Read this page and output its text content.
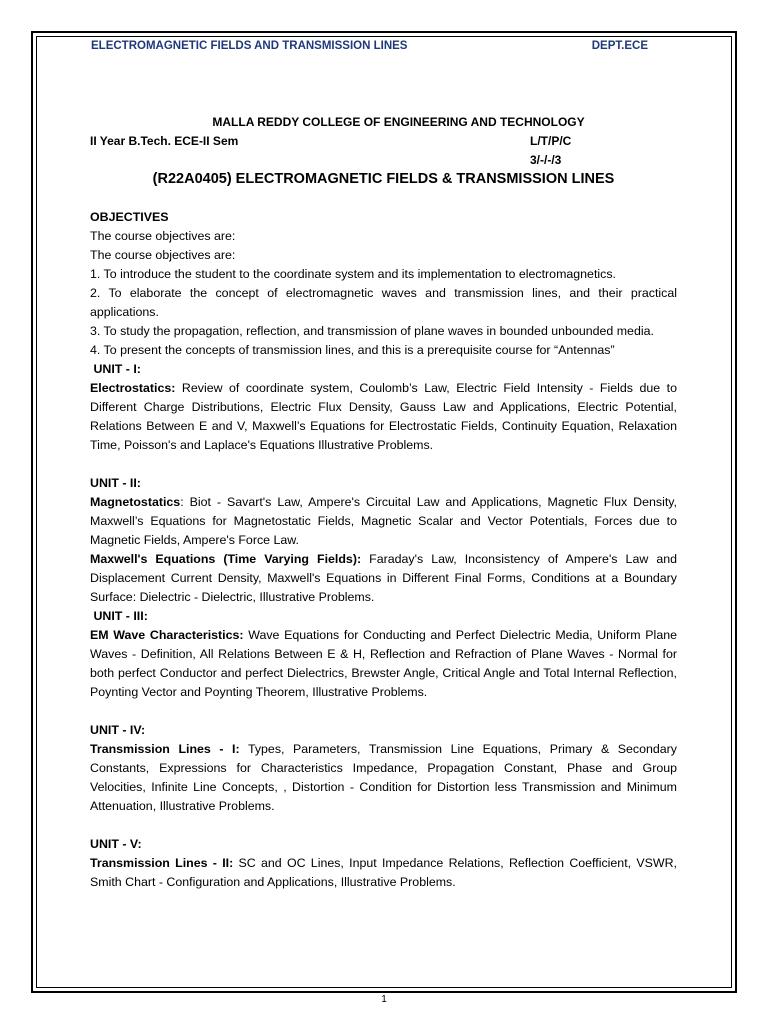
ELECTROMAGNETIC FIELDS AND TRANSMISSION LINES	DEPT.ECE

MALLA REDDY COLLEGE OF ENGINEERING AND TECHNOLOGY

II Year B.Tech. ECE-II Sem	L/T/P/C
3/-/-/3

(R22A0405) ELECTROMAGNETIC FIELDS & TRANSMISSION LINES

OBJECTIVES

The course objectives are:

The course objectives are:

1. To introduce the student to the coordinate system and its implementation to electromagnetics.

2. To elaborate the concept of electromagnetic waves and transmission lines, and their practical applications.

3. To study the propagation, reflection, and transmission of plane waves in bounded unbounded media.

4. To present the concepts of transmission lines, and this is a prerequisite course for “Antennas”

UNIT - I:

Electrostatics: Review of coordinate system, Coulomb’s Law, Electric Field Intensity - Fields due to Different Charge Distributions, Electric Flux Density, Gauss Law and Applications, Electric Potential, Relations Between E and V, Maxwell’s Equations for Electrostatic Fields, Continuity Equation, Relaxation Time, Poisson's and Laplace's Equations Illustrative Problems.

UNIT - II:

Magnetostatics: Biot - Savart's Law, Ampere's Circuital Law and Applications, Magnetic Flux Density, Maxwell’s Equations for Magnetostatic Fields, Magnetic Scalar and Vector Potentials, Forces due to Magnetic Fields, Ampere's Force Law.

Maxwell's Equations (Time Varying Fields): Faraday's Law, Inconsistency of Ampere's Law and Displacement Current Density, Maxwell's Equations in Different Final Forms, Conditions at a Boundary Surface: Dielectric - Dielectric, Illustrative Problems.

UNIT - III:

EM Wave Characteristics: Wave Equations for Conducting and Perfect Dielectric Media, Uniform Plane Waves - Definition, All Relations Between E & H, Reflection and Refraction of Plane Waves - Normal for both perfect Conductor and perfect Dielectrics, Brewster Angle, Critical Angle and Total Internal Reflection, Poynting Vector and Poynting Theorem, Illustrative Problems.

UNIT - IV:

Transmission Lines - I: Types, Parameters, Transmission Line Equations, Primary & Secondary Constants, Expressions for Characteristics Impedance, Propagation Constant, Phase and Group Velocities, Infinite Line Concepts, , Distortion - Condition for Distortion less Transmission and Minimum Attenuation, Illustrative Problems.

UNIT - V:

Transmission Lines - II: SC and OC Lines, Input Impedance Relations, Reflection Coefficient, VSWR, Smith Chart - Configuration and Applications, Illustrative Problems.

1
